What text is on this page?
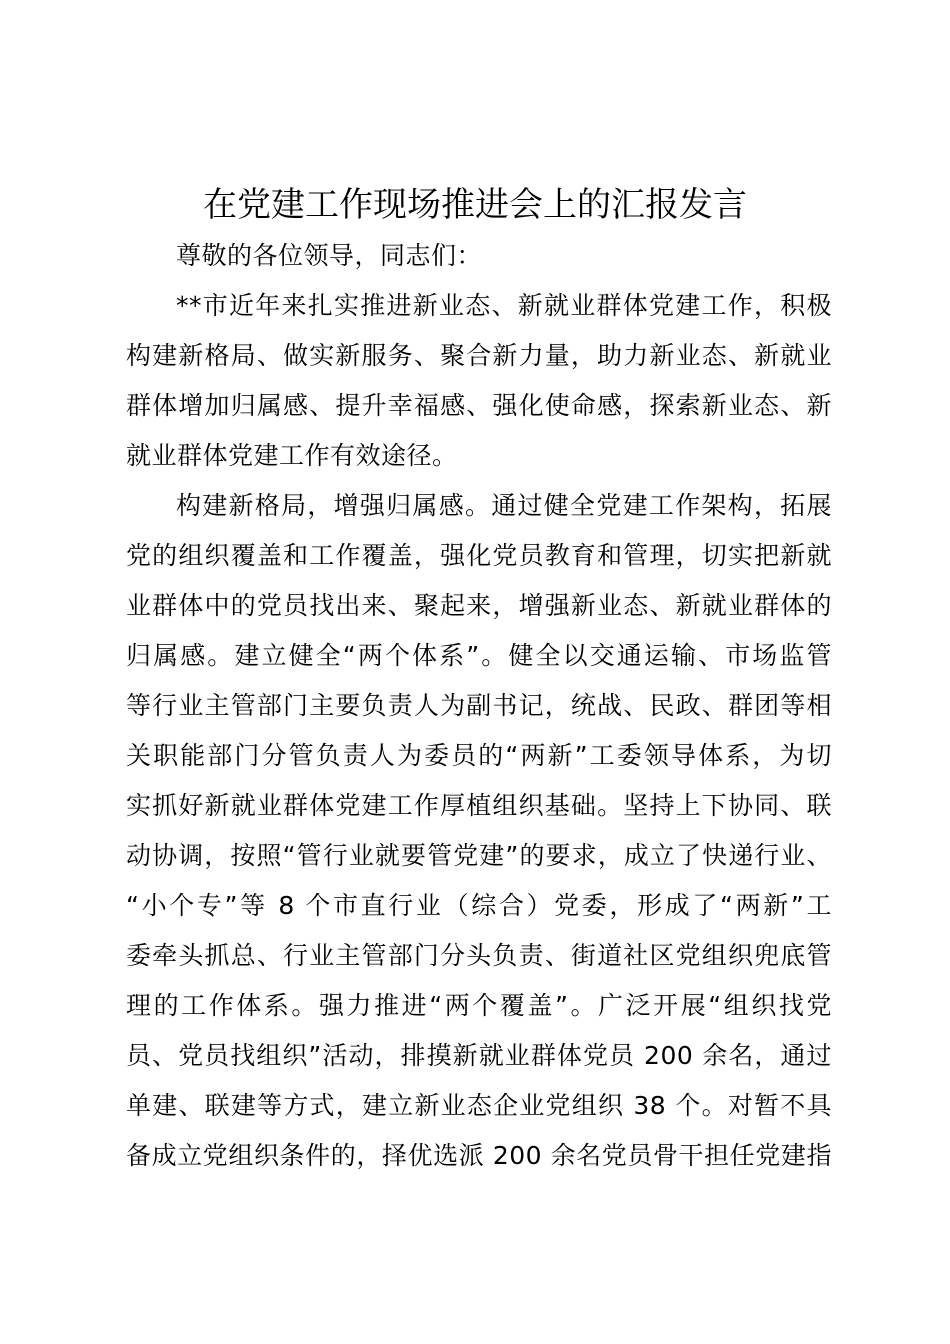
在党建工作现场推进会上的汇报发言
尊敬的各位领导，同志们：
**市近年来扎实推进新业态、新就业群体党建工作，积极
构建新格局、做实新服务、聚合新力量，助力新业态、新就业
群体增加归属感、提升幸福感、强化使命感，探索新业态、新
就业群体党建工作有效途径。
构建新格局，增强归属感。通过健全党建工作架构，拓展
党的组织覆盖和工作覆盖，强化党员教育和管理，切实把新就
业群体中的党员找出来、聚起来，增强新业态、新就业群体的
归属感。建立健全“两个体系”。健全以交通运输、市场监管
等行业主管部门主要负责人为副书记，统战、民政、群团等相
关职能部门分管负责人为委员的“两新”工委领导体系，为切
实抓好新就业群体党建工作厚植组织基础。坚持上下协同、联
动协调，按照“管行业就要管党建”的要求，成立了快递行业、
“小个专”等 8 个市直行业（综合）党委，形成了“两新”工
委牵头抓总、行业主管部门分头负责、街道社区党组织兜底管
理的工作体系。强力推进“两个覆盖”。广泛开展“组织找党
员、党员找组织”活动，排摸新就业群体党员 200 余名，通过
单建、联建等方式，建立新业态企业党组织 38 个。对暂不具
备成立党组织条件的，择优选派 200 余名党员骨干担任党建指
